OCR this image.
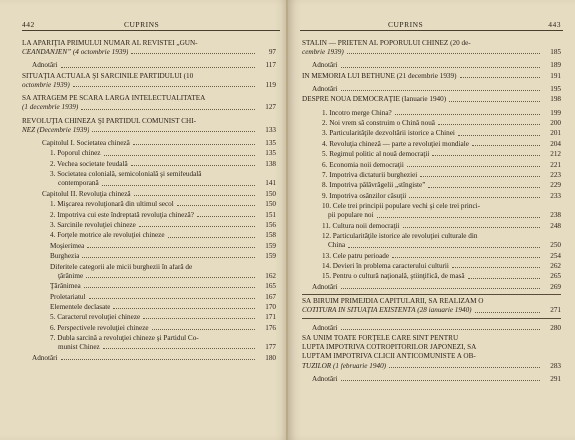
442	CUPRINS
LA APARIŢIA PRIMULUI NUMĂR AL REVISTEI „GUN-
CEANDANJEN” (4 octombrie 1939)	97
Adnotări	117
SITUAŢIA ACTUALĂ ŞI SARCINILE PARTIDULUI (10
octombrie 1939)	119
SĂ ATRAGEM PE SCARĂ LARGĂ INTELECTUALITATEA
(1 decembrie 1939)	127
REVOLUŢIA CHINEZĂ ŞI PARTIDUL COMUNIST CHI-
NEZ (Decembrie 1939)	133
Capitolul I. Societatea chineză	135
1. Poporul chinez	135
2. Vechea societate feudală	138
3. Societatea colonială, semicolonială şi semifeudală
contemporană	141
Capitolul II. Revoluţia chineză	150
1. Mişcarea revoluţionară din ultimul secol	150
2. Împotriva cui este îndreptată revoluţia chineză?	151
3. Sarcinile revoluţiei chineze	156
4. Forţele motrice ale revoluţiei chineze	158
Moşierimea	159
Burghezia	159
Diferitele categorii ale micii burghezii în afară de
ţărănime	162
Ţărănimea	165
Proletariatul	167
Elementele declasate	170
5. Caracterul revoluţiei chineze	171
6. Perspectivele revoluţiei chineze	176
7. Dubla sarcină a revoluţiei chineze şi Partidul Co-
munist Chinez	177
Adnotări	180
CUPRINS	443
STALIN — PRIETEN AL POPORULUI CHINEZ (20 de-
cembrie 1939)	185
Adnotări	189
ÎN MEMORIA LUI BETHUNE (21 decembrie 1939)	191
Adnotări	195
DESPRE NOUA DEMOCRAŢIE (Ianuarie 1940)	198
1. Încotro merge China?	199
2. Noi vrem să construim o Chină nouă	200
3. Particularităţile dezvoltării istorice a Chinei	201
4. Revoluţia chineză — parte a revoluţiei mondiale	204
5. Regimul politic al nouă democraţii	212
6. Economia noii democraţii	221
7. Împotriva dictaturii burgheziei	223
8. Împotriva pălăvrăgelii „stîngiste”	229
9. Împotriva osânzilor căsuţii	233
10. Cele trei principii populare vechi şi cele trei princi-
pii populare noi	238
11. Cultura noii democraţii	248
12. Particularităţile istorice ale revoluţiei culturale din
China	250
13. Cele patru perioade	254
14. Devieri în problema caracterului culturii	262
15. Pentru o cultură naţională, ştiinţifică, de masă	265
Adnotări	269
SĂ BIRUIM PRIMEJDIA CAPITULĂRII, SĂ REALIZĂM O
COTITURĂ ÎN SITUAŢIA EXISTENTĂ (28 ianuarie 1940)	271
Adnotări	280
SĂ UNIM TOATE FORŢELE CARE SÎNT PENTRU
LUPTA ÎMPOTRIVA COTROPITORILOR JAPONEZI, SĂ
LUPTĂM ÎMPOTRIVA CLICII ANTICOMUNISTE A OB-
TUZILOR (1 februarie 1940)	283
Adnotări	291
